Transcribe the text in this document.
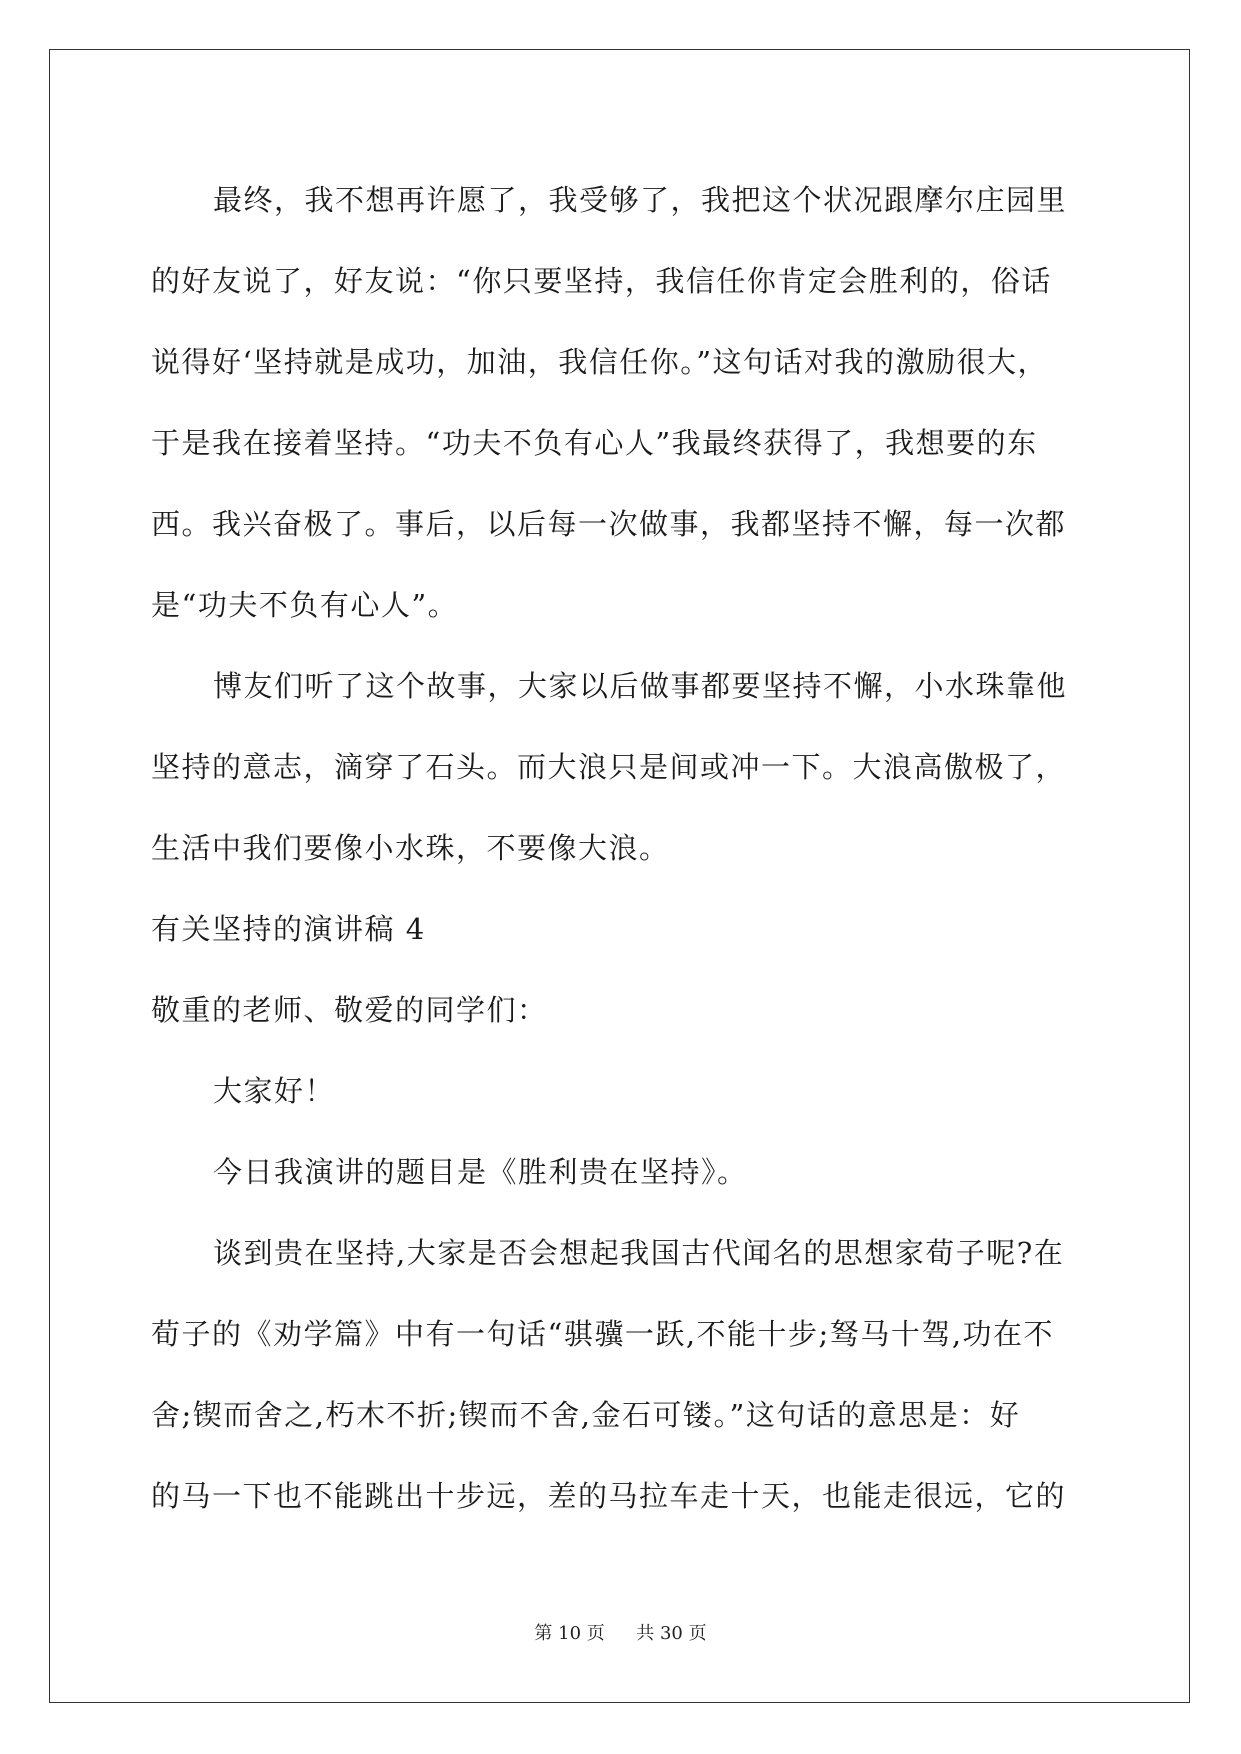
最终，我不想再许愿了，我受够了，我把这个状况跟摩尔庄园里

的好友说了，好友说：“你只要坚持，我信任你肯定会胜利的，俗话

说得好‘坚持就是成功，加油，我信任你。”这句话对我的激励很大，

于是我在接着坚持。“功夫不负有心人”我最终获得了，我想要的东

西。我兴奋极了。事后，以后每一次做事，我都坚持不懈，每一次都

是“功夫不负有心人”。

博友们听了这个故事，大家以后做事都要坚持不懈，小水珠靠他

坚持的意志，滴穿了石头。而大浪只是间或冲一下。大浪高傲极了，

生活中我们要像小水珠，不要像大浪。

有关坚持的演讲稿 4

敬重的老师、敬爱的同学们：

大家好！

今日我演讲的题目是《胜利贵在坚持》。

谈到贵在坚持,大家是否会想起我国古代闻名的思想家荀子呢?在

荀子的《劝学篇》中有一句话“骐骥一跃,不能十步;驽马十驾,功在不

舍;锲而舍之,朽木不折;锲而不舍,金石可镂。”这句话的意思是：好

的马一下也不能跳出十步远，差的马拉车走十天，也能走很远，它的

第 10 页 共 30 页
